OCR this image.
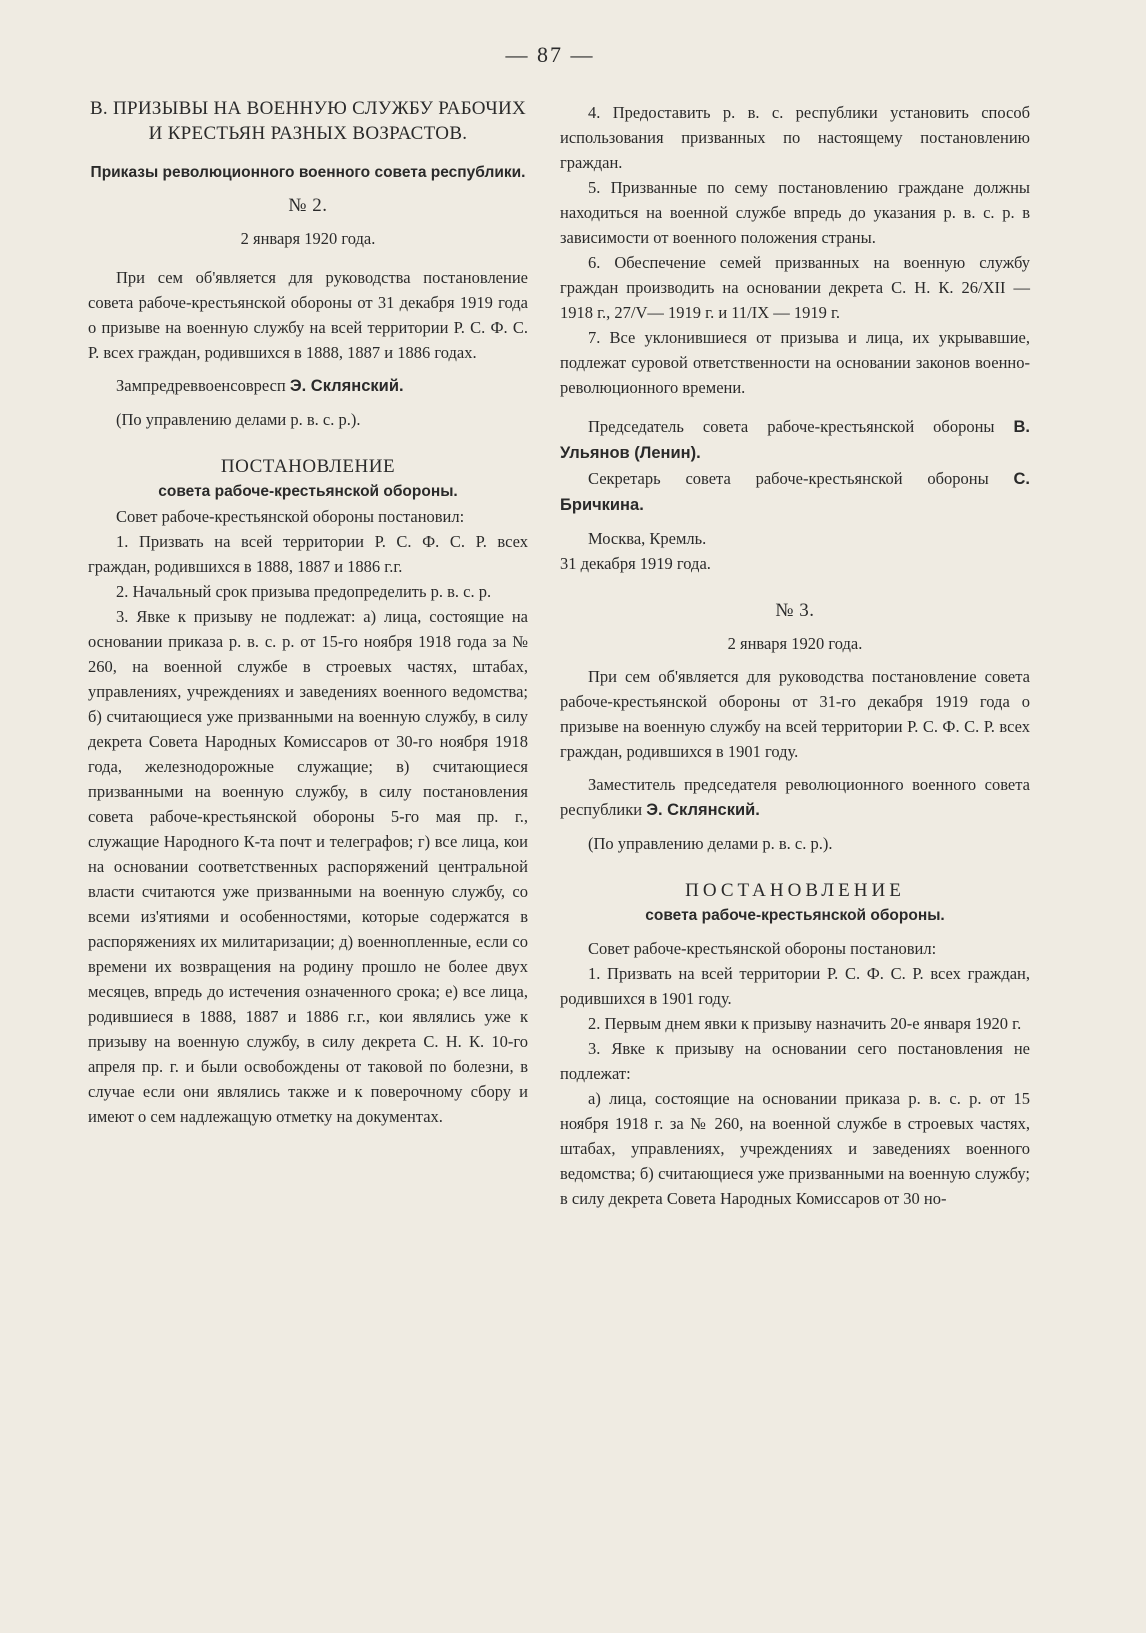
— 87 —

В. ПРИЗЫВЫ НА ВОЕННУЮ СЛУЖБУ РАБОЧИХ И КРЕСТЬЯН РАЗНЫХ ВОЗРАСТОВ.

Приказы революционного военного совета республики.

№ 2.

2 января 1920 года.

При сем об'является для руководства постановление совета рабоче-крестьянской обороны от 31 декабря 1919 года о призыве на военную службу на всей территории Р. С. Ф. С. Р. всех граждан, родившихся в 1888, 1887 и 1886 годах.

Зампредреввоенсовресп Э. Склянский.

(По управлению делами р. в. с. р.).

ПОСТАНОВЛЕНИЕ

совета рабоче-крестьянской обороны.

Совет рабоче-крестьянской обороны постановил:

1. Призвать на всей территории Р. С. Ф. С. Р. всех граждан, родившихся в 1888, 1887 и 1886 г.г.

2. Начальный срок призыва предопределить р. в. с. р.

3. Явке к призыву не подлежат: а) лица, состоящие на основании приказа р. в. с. р. от 15-го ноября 1918 года за № 260, на военной службе в строевых частях, штабах, управлениях, учреждениях и заведениях военного ведомства; б) считающиеся уже призванными на военную службу, в силу декрета Совета Народных Комиссаров от 30-го ноября 1918 года, железнодорожные служащие; в) считающиеся призванными на военную службу, в силу постановления совета рабоче-крестьянской обороны 5-го мая пр. г., служащие Народного К-та почт и телеграфов; г) все лица, кои на основании соответственных распоряжений центральной власти считаются уже призванными на военную службу, со всеми из'ятиями и особенностями, которые содержатся в распоряжениях их милитаризации; д) военнопленные, если со времени их возвращения на родину прошло не более двух месяцев, впредь до истечения означенного срока; е) все лица, родившиеся в 1888, 1887 и 1886 г.г., кои являлись уже к призыву на военную службу, в силу декрета С. Н. К. 10-го апреля пр. г. и были освобождены от таковой по болезни, в случае если они являлись также и к поверочному сбору и имеют о сем надлежащую отметку на документах.

4. Предоставить р. в. с. республики установить способ использования призванных по настоящему постановлению граждан.

5. Призванные по сему постановлению граждане должны находиться на военной службе впредь до указания р. в. с. р. в зависимости от военного положения страны.

6. Обеспечение семей призванных на военную службу граждан производить на основании декрета С. Н. К. 26/XII — 1918 г., 27/V— 1919 г. и 11/IX — 1919 г.

7. Все уклонившиеся от призыва и лица, их укрывавшие, подлежат суровой ответственности на основании законов военно-революционного времени.

Председатель совета рабоче-крестьянской обороны В. Ульянов (Ленин).

Секретарь совета рабоче-крестьянской обороны С. Бричкина.

Москва, Кремль.

31 декабря 1919 года.

№ 3.

2 января 1920 года.

При сем об'является для руководства постановление совета рабоче-крестьянской обороны от 31-го декабря 1919 года о призыве на военную службу на всей территории Р. С. Ф. С. Р. всех граждан, родившихся в 1901 году.

Заместитель председателя революционного военного совета республики Э. Склянский.

(По управлению делами р. в. с. р.).

ПОСТАНОВЛЕНИЕ

совета рабоче-крестьянской обороны.

Совет рабоче-крестьянской обороны постановил:

1. Призвать на всей территории Р. С. Ф. С. Р. всех граждан, родившихся в 1901 году.

2. Первым днем явки к призыву назначить 20-е января 1920 г.

3. Явке к призыву на основании сего постановления не подлежат:

а) лица, состоящие на основании приказа р. в. с. р. от 15 ноября 1918 г. за № 260, на военной службе в строевых частях, штабах, управлениях, учреждениях и заведениях военного ведомства; б) считающиеся уже призванными на военную службу; в силу декрета Совета Народных Комиссаров от 30 но-
